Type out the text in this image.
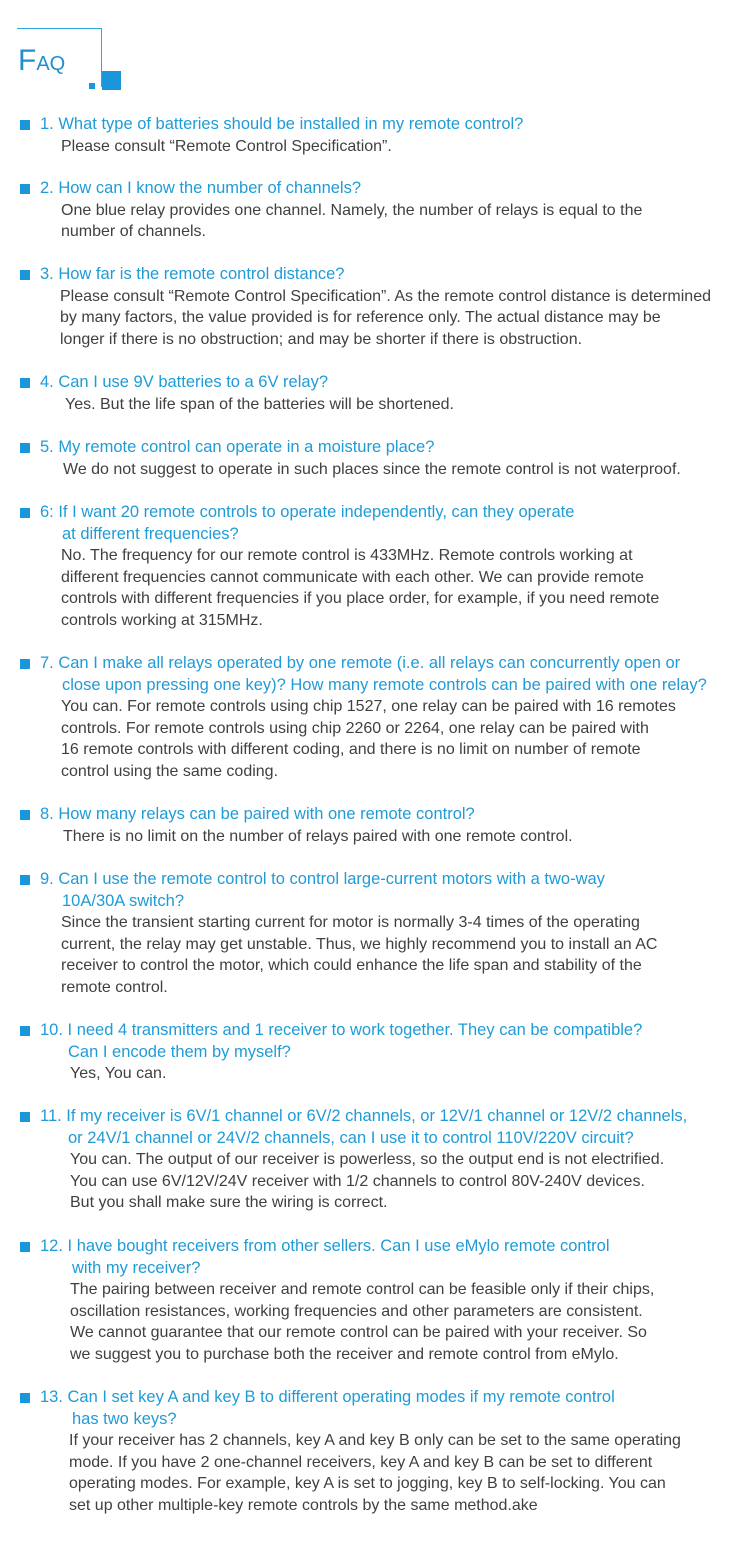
FAQ
1. What type of batteries should be installed in my remote control?
Please consult “Remote Control Specification”.
2. How can I know the number of channels?
One blue relay provides one channel. Namely, the number of relays is equal to the
number of channels.
3. How far is the remote control distance?
Please consult “Remote Control Specification”. As the remote control distance is determined
by many factors, the value provided is for reference only. The actual distance may be
longer if there is no obstruction; and may be shorter if there is obstruction.
4. Can I use 9V batteries to a 6V relay?
Yes. But the life span of the batteries will be shortened.
5. My remote control can operate in a moisture place?
We do not suggest to operate in such places since the remote control is not waterproof.
6: If I want 20 remote controls to operate independently, can they operate
at different frequencies?
No. The frequency for our remote control is 433MHz. Remote controls working at
different frequencies cannot communicate with each other. We can provide remote
controls with different frequencies if you place order, for example, if you need remote
controls working at 315MHz.
7. Can I make all relays operated by one remote (i.e. all relays can concurrently open or
close upon pressing one key)? How many remote controls can be paired with one relay?
You can. For remote controls using chip 1527, one relay can be paired with 16 remotes
controls. For remote controls using chip 2260 or 2264, one relay can be paired with
16 remote controls with different coding, and there is no limit on number of remote
control using the same coding.
8. How many relays can be paired with one remote control?
There is no limit on the number of relays paired with one remote control.
9. Can I use the remote control to control large-current motors with a two-way
10A/30A switch?
Since the transient starting current for motor is normally 3-4 times of the operating
current, the relay may get unstable. Thus, we highly recommend you to install an AC
receiver to control the motor, which could enhance the life span and stability of the
remote control.
10. I need 4 transmitters and 1 receiver to work together. They can be compatible?
Can I encode them by myself?
Yes, You can.
11. If my receiver is 6V/1 channel or 6V/2 channels, or 12V/1 channel or 12V/2 channels,
or 24V/1 channel or 24V/2 channels, can I use it to control 110V/220V circuit?
You can. The output of our receiver is powerless, so the output end is not electrified.
You can use 6V/12V/24V receiver with 1/2 channels to control 80V-240V devices.
But you shall make sure the wiring is correct.
12. I have bought receivers from other sellers. Can I use eMylo remote control
with my receiver?
The pairing between receiver and remote control can be feasible only if their chips,
oscillation resistances, working frequencies and other parameters are consistent.
We cannot guarantee that our remote control can be paired with your receiver. So
we suggest you to purchase both the receiver and remote control from eMylo.
13. Can I set key A and key B to different operating modes if my remote control
has two keys?
If your receiver has 2 channels, key A and key B only can be set to the same operating
mode. If you have 2 one-channel receivers, key A and key B can be set to different
operating modes. For example, key A is set to jogging, key B to self-locking. You can
set up other multiple-key remote controls by the same method.ake
